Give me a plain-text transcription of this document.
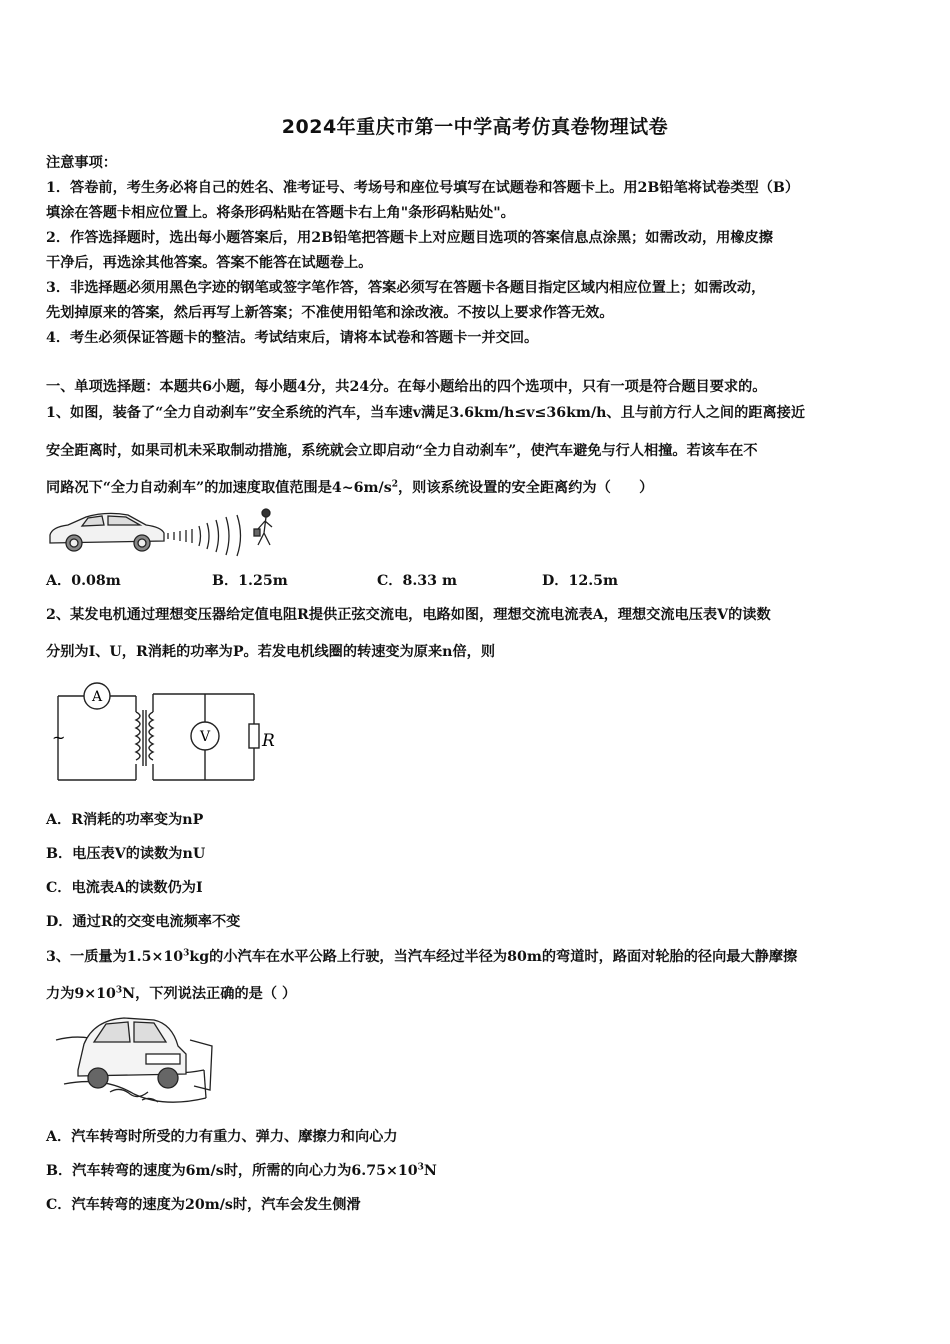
2024年重庆市第一中学高考仿真卷物理试卷
注意事项：
1．答卷前，考生务必将自己的姓名、准考证号、考场号和座位号填写在试题卷和答题卡上。用2B铅笔将试卷类型（B）
填涂在答题卡相应位置上。将条形码粘贴在答题卡右上角"条形码粘贴处"。
2．作答选择题时，选出每小题答案后，用2B铅笔把答题卡上对应题目选项的答案信息点涂黑；如需改动，用橡皮擦
干净后，再选涂其他答案。答案不能答在试题卷上。
3．非选择题必须用黑色字迹的钢笔或签字笔作答，答案必须写在答题卡各题目指定区域内相应位置上；如需改动，
先划掉原来的答案，然后再写上新答案；不准使用铅笔和涂改液。不按以上要求作答无效。
4．考生必须保证答题卡的整洁。考试结束后，请将本试卷和答题卡一并交回。
一、单项选择题：本题共6小题，每小题4分，共24分。在每小题给出的四个选项中，只有一项是符合题目要求的。
1、如图，装备了“全力自动刹车”安全系统的汽车，当车速v满足3.6km/h≤v≤36km/h、且与前方行人之间的距离接近
安全距离时，如果司机未采取制动措施，系统就会立即启动“全力自动刹车”，使汽车避免与行人相撞。若该车在不
同路况下“全力自动刹车”的加速度取值范围是$4\sim 6m/s^2$，则该系统设置的安全距离约为（　　）
A．0.08m	B．1.25m	C．8.33 m	D．12.5m
2、某发电机通过理想变压器给定值电阻R提供正弦交流电，电路如图，理想交流电流表A，理想交流电压表V的读数
分别为I、U，R消耗的功率为P。若发电机线圈的转速变为原来n倍，则
A
V	R
~
A．R消耗的功率变为nP
B．电压表V的读数为nU
C．电流表A的读数仍为I
D．通过R的交变电流频率不变
3、一质量为$1.5\times 10^3kg$的小汽车在水平公路上行驶，当汽车经过半径为80m的弯道时，路面对轮胎的径向最大静摩擦
力为$9\times 10^3N$，下列说法正确的是（ ）
A．汽车转弯时所受的力有重力、弹力、摩擦力和向心力
B．汽车转弯的速度为6m/s时，所需的向心力为$6.75\times 10^3N$
C．汽车转弯的速度为20m/s时，汽车会发生侧滑
